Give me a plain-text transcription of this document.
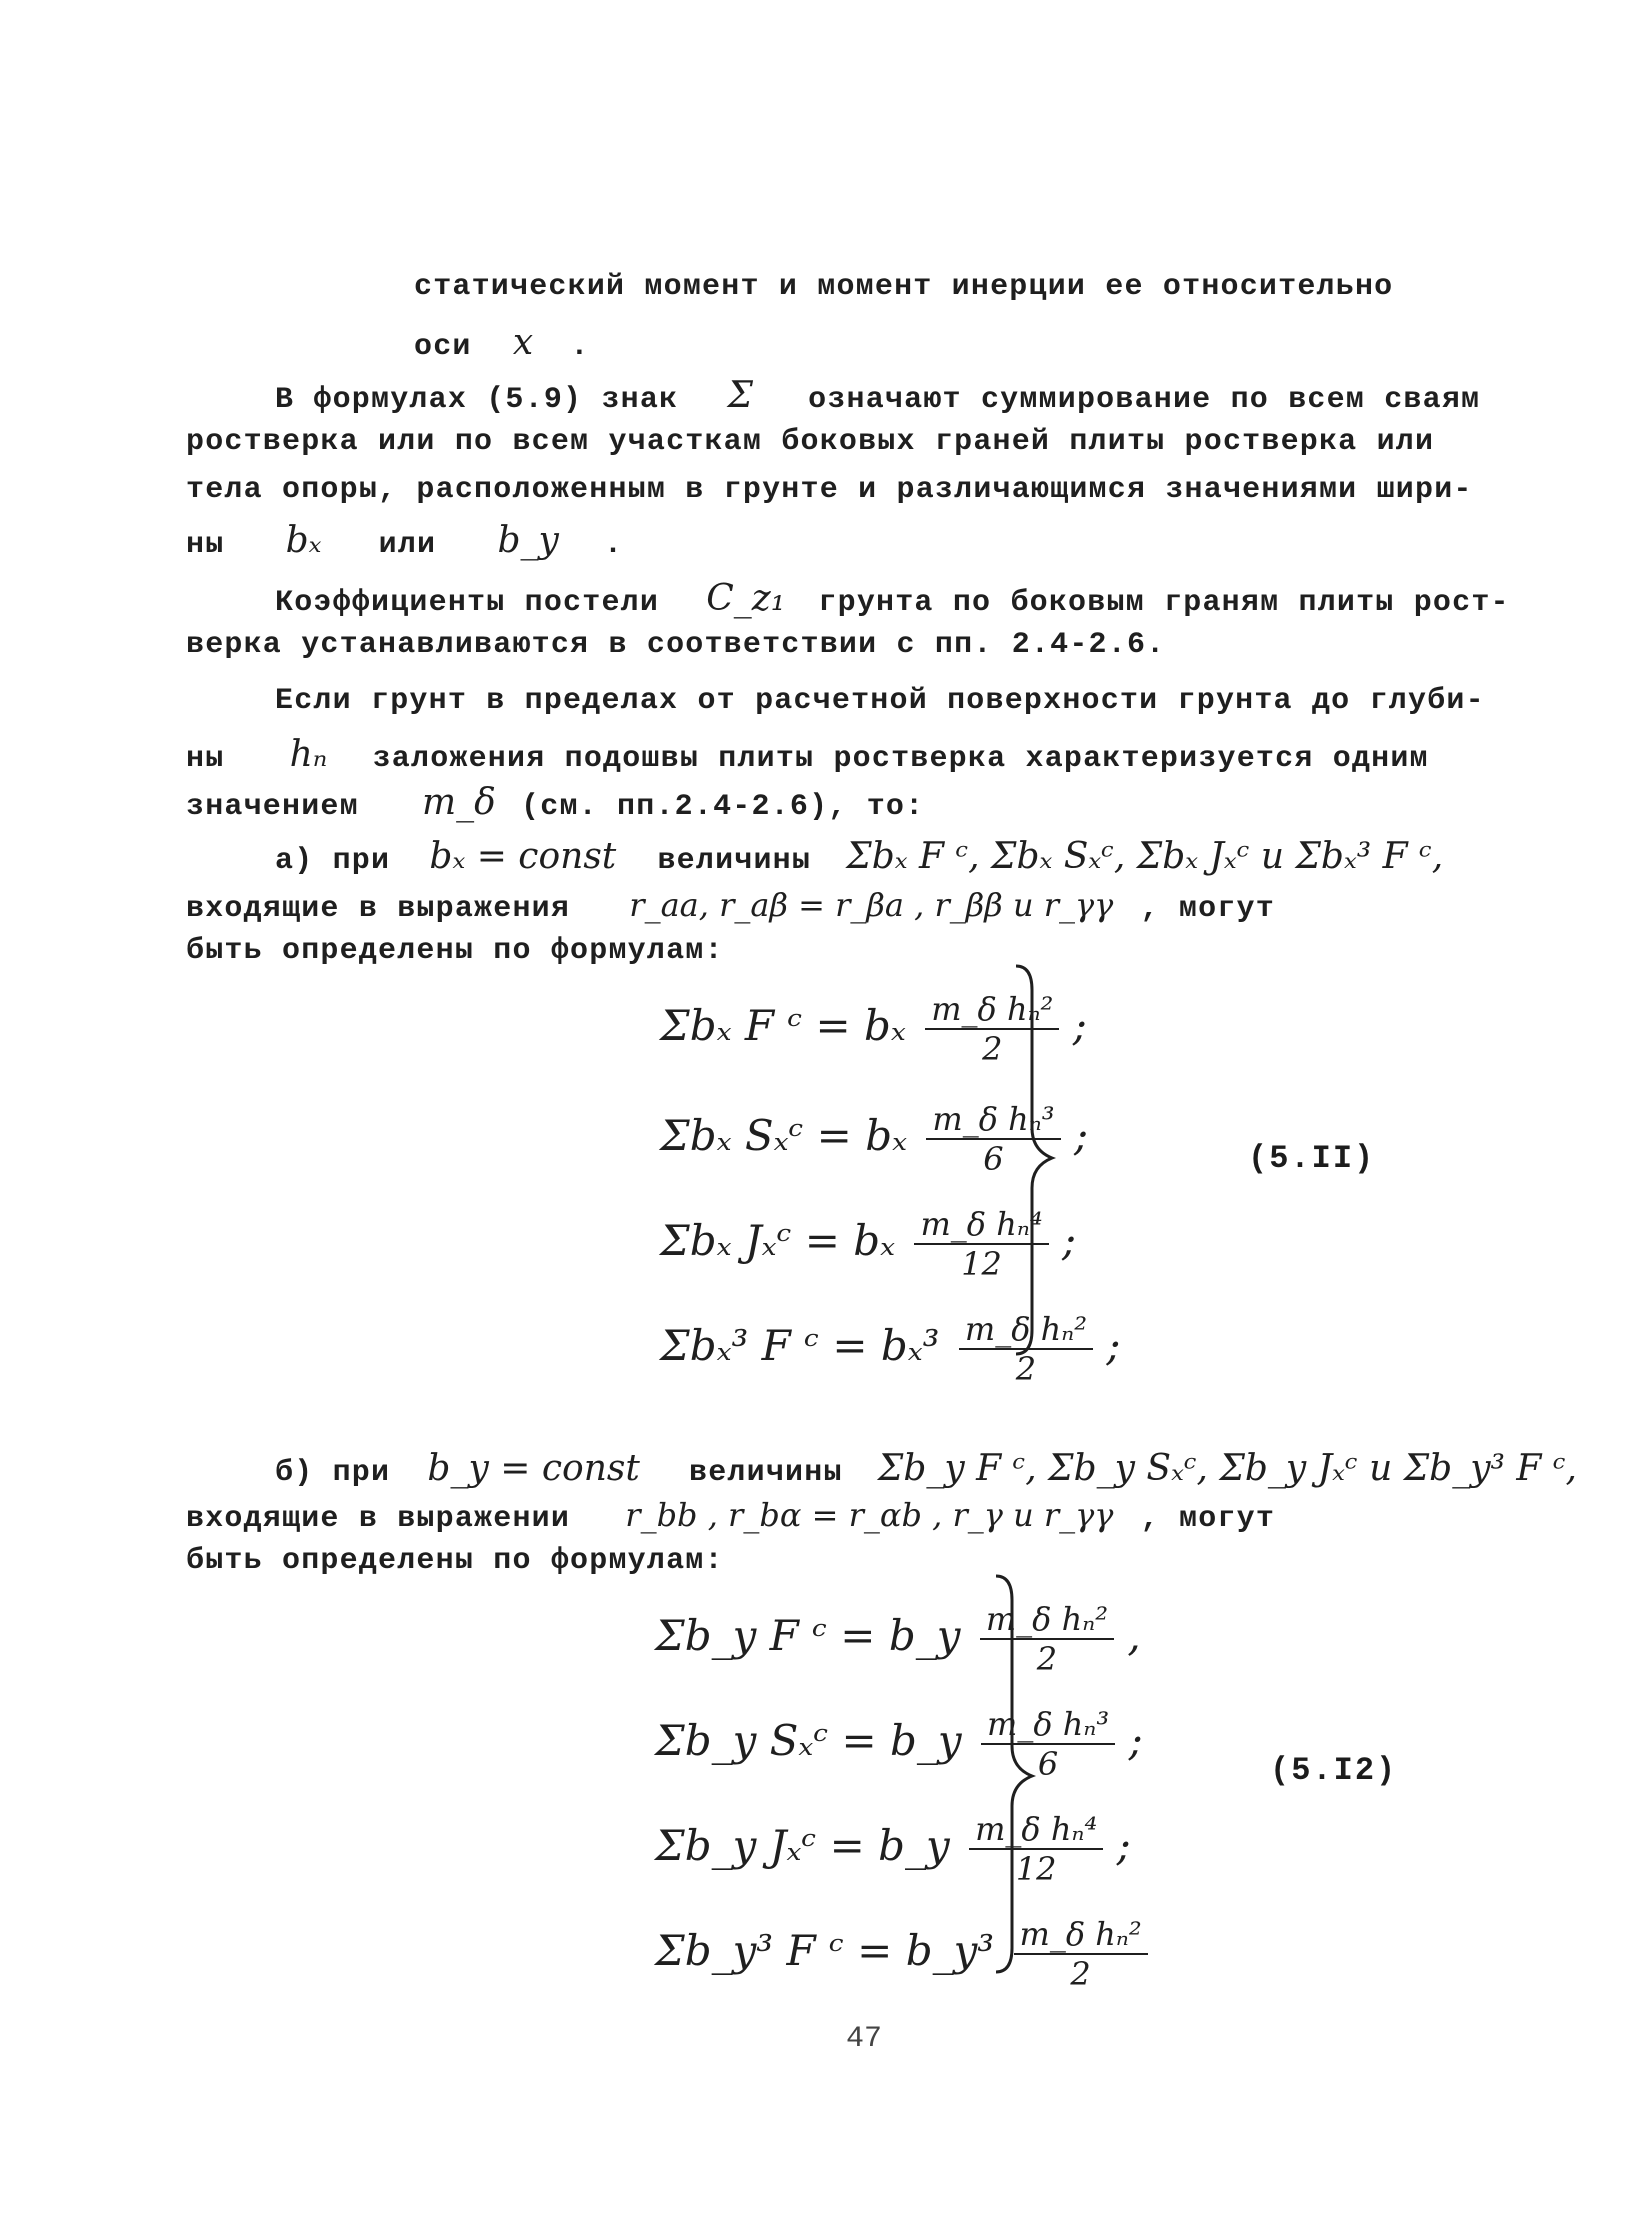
статический момент и момент инерции ее относительно
оси x .
В формулах (5.9) знак Σ означают суммирование по всем сваям
ростверка или по всем участкам боковых граней плиты ростверка или
тела опоры, расположенным в грунте и различающимся значениями шири-
ны bₓ или b_y .
Коэффициенты постели C_z₁ грунта по боковым граням плиты рост-
верка устанавливаются в соответствии с пп. 2.4-2.6.
Если грунт в пределах от расчетной поверхности грунта до глуби-
ны hₙ заложения подошвы плиты ростверка характеризуется одним
значением m_δ (см. пп.2.4-2.6), то:
а) при bₓ = const величины Σbₓ F ᶜ, Σbₓ Sₓᶜ, Σbₓ Jₓᶜ и Σbₓ³ F ᶜ,
входящие в выражения r_aa, r_aβ = r_βa , r_ββ и r_γγ , могут
быть определены по формулам:
Σbₓ F ᶜ = bₓ $\frac{\text{m\_δ hₙ²}}{2}$ ;
Σbₓ Sₓᶜ = bₓ $\frac{\text{m\_δ hₙ³}}{6}$ ;
Σbₓ Jₓᶜ = bₓ $\frac{\text{m\_δ hₙ⁴}}{12}$ ;
Σbₓ³ F ᶜ = $b_x^3 \frac{\text{m\_δ hₙ²}}{2}$ ;
(5.II)
б) при b_y = const величины Σb_y F ᶜ, Σb_y Sₓᶜ, Σb_y Jₓᶜ и Σb_y³ F ᶜ,
входящие в выражении r_bb , r_bα = r_αb , r_γ и r_γγ , могут
быть определены по формулам:
Σb_y F ᶜ = b_y $\frac{\text{m\_δ hₙ²}}{2}$ ,
Σb_y Sₓᶜ = b_y $\frac{\text{m\_δ hₙ³}}{6}$ ;
Σb_y Jₓᶜ = b_y $\frac{\text{m\_δ hₙ⁴}}{12}$ ;
Σb_y³ F ᶜ = b_y³ $\frac{\text{m\_δ hₙ²}}{2}$
(5.I2)
47
